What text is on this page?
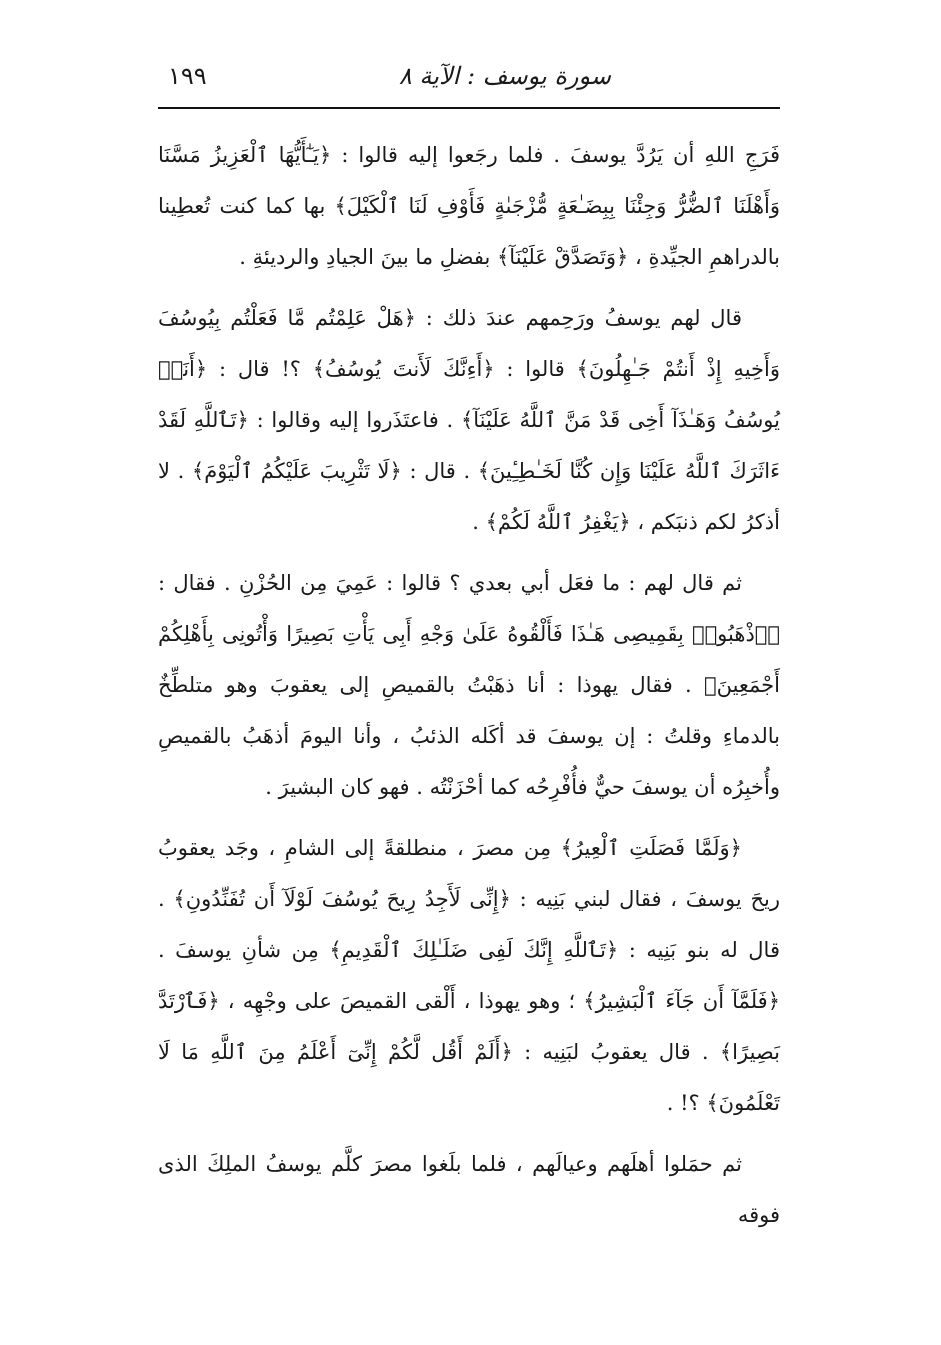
١٩٩	سورة يوسف : الآية ٨

فَرَجِ اللهِ أن يَرُدَّ يوسفَ . فلما رجَعوا إليه قالوا : ﴿يَـٰٓأَيُّهَا ٱلْعَزِيزُ مَسَّنَا وَأَهْلَنَا ٱلضُّرُّ وَجِئْنَا بِبِضَـٰعَةٍ مُّزْجَىٰةٍ فَأَوْفِ لَنَا ٱلْكَيْلَ﴾ بها كما كنت تُعطِينا بالدراهمِ الجيِّدةِ ، ﴿وَتَصَدَّقْ عَلَيْنَآ﴾ بفضلِ ما بينَ الجيادِ والرديئةِ .

قال لهم يوسفُ ورَحِمهم عندَ ذلك : ﴿هَلْ عَلِمْتُم مَّا فَعَلْتُم بِيُوسُفَ وَأَخِيهِ إِذْ أَنتُمْ جَـٰهِلُونَ﴾ قالوا : ﴿أَءِنَّكَ لَأَنتَ يُوسُفُ﴾ ؟! قال : ﴿أَنَا۠ يُوسُفُ وَهَـٰذَآ أَخِى قَدْ مَنَّ ٱللَّهُ عَلَيْنَآ﴾ . فاعتَذَروا إليه وقالوا : ﴿تَٱللَّهِ لَقَدْ ءَاثَرَكَ ٱللَّهُ عَلَيْنَا وَإِن كُنَّا لَخَـٰطِـِٔينَ﴾ . قال : ﴿لَا تَثْرِيبَ عَلَيْكُمُ ٱلْيَوْمَ﴾ . لا أذكرُ لكم ذنبَكم ، ﴿يَغْفِرُ ٱللَّهُ لَكُمْ﴾ .

ثم قال لهم : ما فعَل أبي بعدي ؟ قالوا : عَمِيَ مِن الحُزْنِ . فقال : ﴿ٱذْهَبُوا۟ بِقَمِيصِى هَـٰذَا فَأَلْقُوهُ عَلَىٰ وَجْهِ أَبِى يَأْتِ بَصِيرًا وَأْتُونِى بِأَهْلِكُمْ أَجْمَعِينَ﴾ . فقال يهوذا : أنا ذهَبْتُ بالقميصِ إلى يعقوبَ وهو متلطِّخٌ بالدماءِ وقلتُ : إن يوسفَ قد أكَله الذئبُ ، وأنا اليومَ أذهَبُ بالقميصِ وأُخبِرُه أن يوسفَ حيٌّ فأُفْرِحُه كما أحْزَنْتُه . فهو كان البشيرَ .

﴿وَلَمَّا فَصَلَتِ ٱلْعِيرُ﴾ مِن مصرَ ، منطلقةً إلى الشامِ ، وجَد يعقوبُ ريحَ يوسفَ ، فقال لبني بَنِيه : ﴿إِنِّى لَأَجِدُ رِيحَ يُوسُفَ لَوْلَآ أَن تُفَنِّدُونِ﴾ . قال له بنو بَنِيه : ﴿تَٱللَّهِ إِنَّكَ لَفِى ضَلَـٰلِكَ ٱلْقَدِيمِ﴾ مِن شأنِ يوسفَ . ﴿فَلَمَّآ أَن جَآءَ ٱلْبَشِيرُ﴾ ؛ وهو يهوذا ، أَلْقى القميصَ على وجْهِه ، ﴿فَٱرْتَدَّ بَصِيرًا﴾ . قال يعقوبُ لبَنِيه : ﴿أَلَمْ أَقُل لَّكُمْ إِنِّىٓ أَعْلَمُ مِنَ ٱللَّهِ مَا لَا تَعْلَمُونَ﴾ ؟! .

ثم حمَلوا أهلَهم وعيالَهم ، فلما بلَغوا مصرَ كلَّم يوسفُ الملِكَ الذى فوقه
